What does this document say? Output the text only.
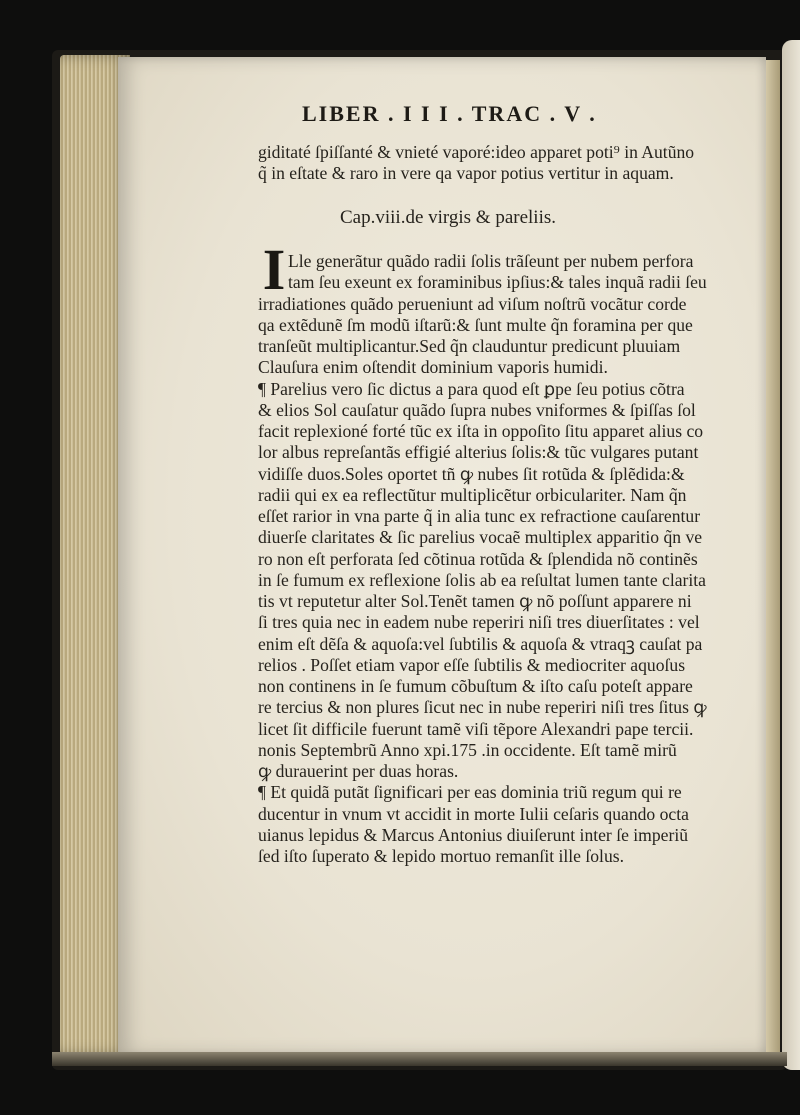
LIBER . I I I . TRAC . V .
giditaté ſpiſſanté & vnieté vaporé:ideo apparet poti⁹ in Autũno
q̃ in eſtate & raro in vere qa vapor potius vertitur in aquam.
Cap.viii.de virgis & pareliis.
I Lle generãtur quãdo radii ſolis trãſeunt per nubem perfora
tam ſeu exeunt ex foraminibus ipſius:& tales inquã radii ſeu
irradiationes quãdo perueniunt ad viſum noſtrũ vocãtur corde
qa extẽdunẽ ſm modũ iſtarũ:& ſunt multe q̃n foramina per que
tranſeũt multiplicantur.Sed q̃n clauduntur predicunt pluuiam
Clauſura enim oſtendit dominium vaporis humidi.
¶ Parelius vero ſic dictus a para quod eſt ꝑpe ſeu potius cõtra
& elios Sol cauſatur quãdo ſupra nubes vniformes & ſpiſſas ſol
facit replexioné forté tũc ex iſta in oppoſito ſitu apparet alius co
lor albus repreſantãs effigié alterius ſolis:& tũc vulgares putant
vidiſſe duos.Soles oportet tñ ꝙ nubes ſit rotũda & ſplẽdida:&
radii qui ex ea reflectũtur multiplicẽtur orbiculariter. Nam q̃n
eſſet rarior in vna parte q̃ in alia tunc ex refractione cauſarentur
diuerſe claritates & ſic parelius vocaẽ multiplex apparitio q̃n ve
ro non eſt perforata ſed cõtinua rotũda & ſplendida nõ continẽs
in ſe fumum ex reflexione ſolis ab ea reſultat lumen tante clarita
tis vt reputetur alter Sol.Tenẽt tamen ꝙ nõ poſſunt apparere ni
ſi tres quia nec in eadem nube reperiri niſi tres diuerſitates : vel
enim eſt dẽſa & aquoſa:vel ſubtilis & aquoſa & vtraqꝫ cauſat pa
relios . Poſſet etiam vapor eſſe ſubtilis & mediocriter aquoſus
non continens in ſe fumum cõbuſtum & iſto caſu poteſt appare
re tercius & non plures ſicut nec in nube reperiri niſi tres ſitus ꝙ
licet ſit difficile fuerunt tamẽ viſi tẽpore Alexandri pape tercii.
nonis Septembrũ Anno xpi.175 .in occidente. Eſt tamẽ mirũ
ꝙ durauerint per duas horas.
¶ Et quidã putãt ſignificari per eas dominia triũ regum qui re
ducentur in vnum vt accidit in morte Iulii ceſaris quando octa
uianus lepidus & Marcus Antonius diuiſerunt inter ſe imperiũ
ſed iſto ſuperato & lepido mortuo remanſit ille ſolus.
